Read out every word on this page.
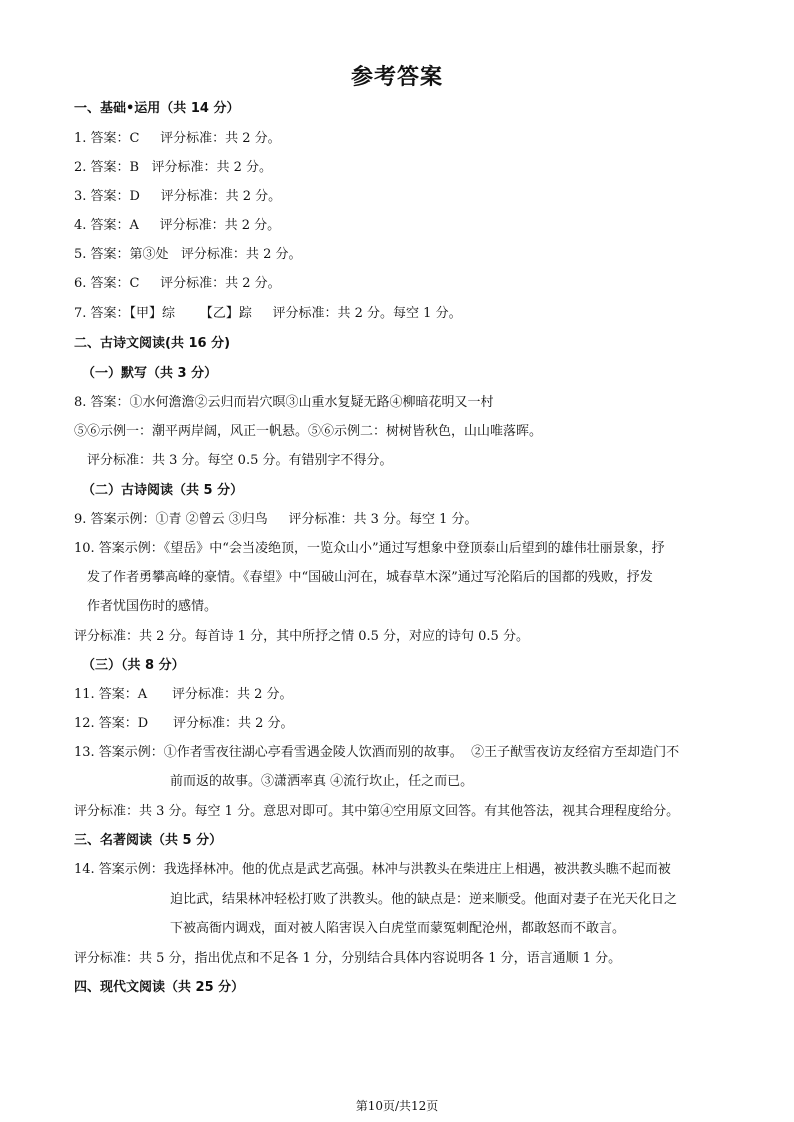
参考答案
一、基础•运用（共 14 分）
1. 答案：C     评分标准：共 2 分。
2. 答案：B   评分标准：共 2 分。
3. 答案：D     评分标准：共 2 分。
4. 答案：A     评分标准：共 2 分。
5. 答案：第③处   评分标准：共 2 分。
6. 答案：C     评分标准：共 2 分。
7. 答案：【甲】综      【乙】踪     评分标准：共 2 分。每空 1 分。
二、古诗文阅读(共 16 分)
（一）默写（共 3 分）
8. 答案：①水何澹澹②云归而岩穴暝③山重水复疑无路④柳暗花明又一村
⑤⑥示例一：潮平两岸阔，风正一帆悬。⑤⑥示例二：树树皆秋色，山山唯落晖。
评分标准：共 3 分。每空 0.5 分。有错别字不得分。
（二）古诗阅读（共 5 分）
9. 答案示例：①青 ②曾云 ③归鸟     评分标准：共 3 分。每空 1 分。
10. 答案示例：《望岳》中“会当凌绝顶，一览众山小”通过写想象中登顶泰山后望到的雄伟壮丽景象，抒
发了作者勇攀高峰的豪情。《春望》中“国破山河在，城春草木深”通过写沦陷后的国都的残败，抒发
作者忧国伤时的感情。
评分标准：共 2 分。每首诗 1 分，其中所抒之情 0.5 分，对应的诗句 0.5 分。
（三）（共 8 分）
11. 答案：A      评分标准：共 2 分。
12. 答案：D      评分标准：共 2 分。
13. 答案示例：①作者雪夜往湖心亭看雪遇金陵人饮酒而别的故事。  ②王子猷雪夜访友经宿方至却造门不
前而返的故事。③潇洒率真 ④流行坎止，任之而已。
评分标准：共 3 分。每空 1 分。意思对即可。其中第④空用原文回答。有其他答法，视其合理程度给分。
三、名著阅读（共 5 分）
14. 答案示例：我选择林冲。他的优点是武艺高强。林冲与洪教头在柴进庄上相遇，被洪教头瞧不起而被
迫比武，结果林冲轻松打败了洪教头。他的缺点是：逆来顺受。他面对妻子在光天化日之
下被高衙内调戏，面对被人陷害误入白虎堂而蒙冤刺配沧州，都敢怒而不敢言。
评分标准：共 5 分，指出优点和不足各 1 分，分别结合具体内容说明各 1 分，语言通顺 1 分。
四、现代文阅读（共 25 分）
第10页/共12页
